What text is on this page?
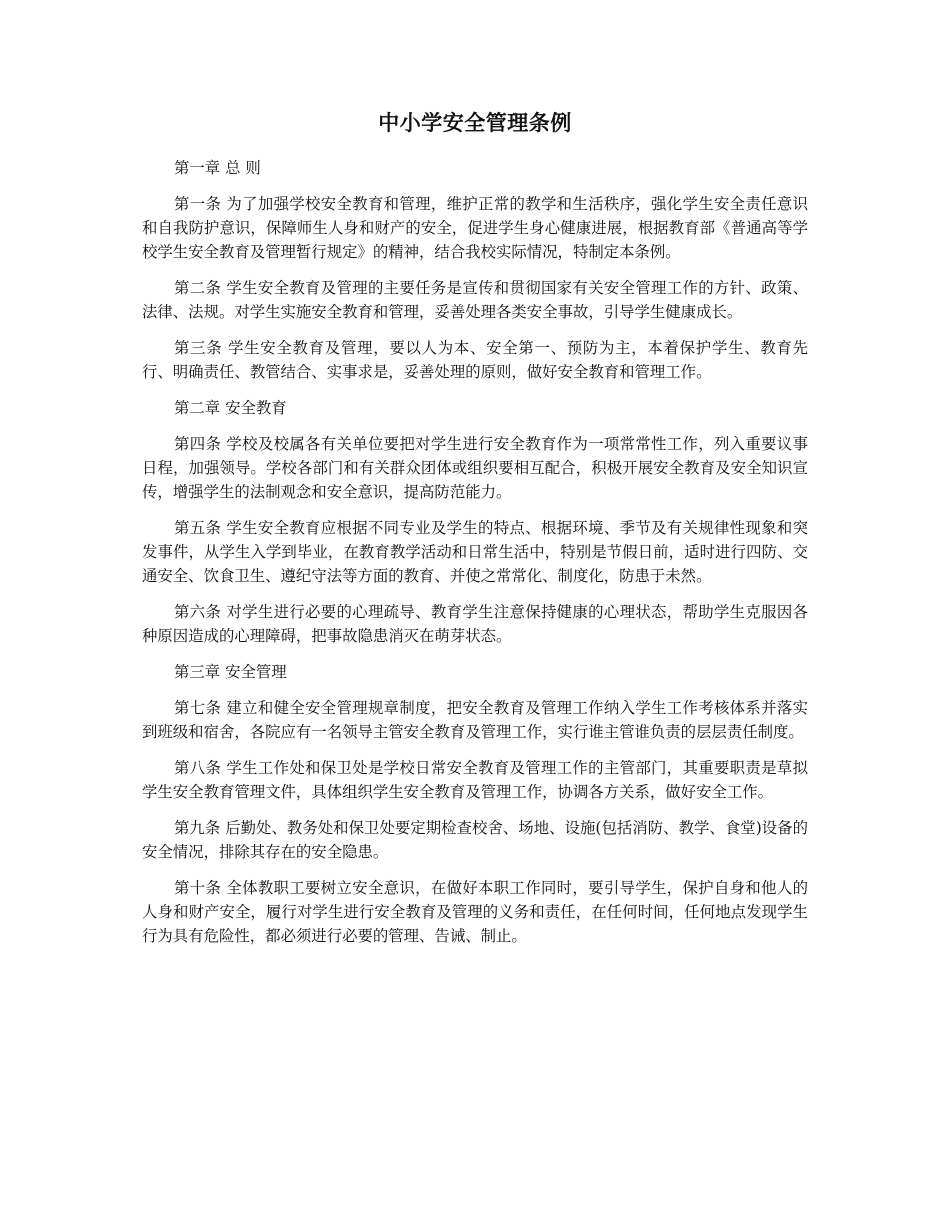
中小学安全管理条例

第一章 总 则

第一条 为了加强学校安全教育和管理，维护正常的教学和生活秩序，强化学生安全责任意识和自我防护意识，保障师生人身和财产的安全，促进学生身心健康进展，根据教育部《普通高等学校学生安全教育及管理暂行规定》的精神，结合我校实际情况，特制定本条例。

第二条 学生安全教育及管理的主要任务是宣传和贯彻国家有关安全管理工作的方针、政策、法律、法规。对学生实施安全教育和管理，妥善处理各类安全事故，引导学生健康成长。

第三条 学生安全教育及管理，要以人为本、安全第一、预防为主，本着保护学生、教育先行、明确责任、教管结合、实事求是，妥善处理的原则，做好安全教育和管理工作。

第二章 安全教育

第四条 学校及校属各有关单位要把对学生进行安全教育作为一项常常性工作，列入重要议事日程，加强领导。学校各部门和有关群众团体或组织要相互配合，积极开展安全教育及安全知识宣传，增强学生的法制观念和安全意识，提高防范能力。

第五条 学生安全教育应根据不同专业及学生的特点、根据环境、季节及有关规律性现象和突发事件，从学生入学到毕业，在教育教学活动和日常生活中，特别是节假日前，适时进行四防、交通安全、饮食卫生、遵纪守法等方面的教育、并使之常常化、制度化，防患于未然。

第六条 对学生进行必要的心理疏导、教育学生注意保持健康的心理状态，帮助学生克服因各种原因造成的心理障碍，把事故隐患消灭在萌芽状态。

第三章 安全管理

第七条 建立和健全安全管理规章制度，把安全教育及管理工作纳入学生工作考核体系并落实到班级和宿舍，各院应有一名领导主管安全教育及管理工作，实行谁主管谁负责的层层责任制度。

第八条 学生工作处和保卫处是学校日常安全教育及管理工作的主管部门，其重要职责是草拟学生安全教育管理文件，具体组织学生安全教育及管理工作，协调各方关系，做好安全工作。

第九条 后勤处、教务处和保卫处要定期检查校舍、场地、设施(包括消防、教学、食堂)设备的安全情况，排除其存在的安全隐患。

第十条 全体教职工要树立安全意识，在做好本职工作同时，要引导学生，保护自身和他人的人身和财产安全，履行对学生进行安全教育及管理的义务和责任，在任何时间，任何地点发现学生行为具有危险性，都必须进行必要的管理、告诫、制止。
